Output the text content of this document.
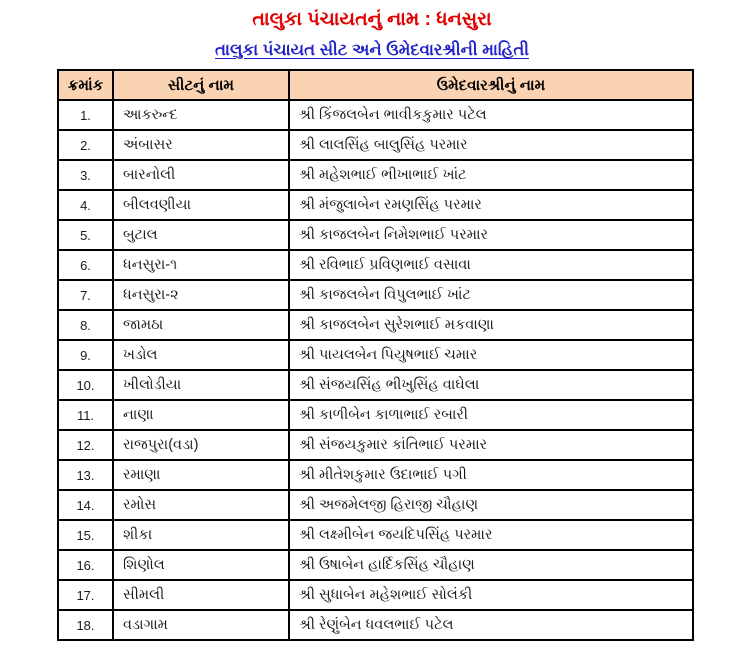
તાલુકા પંચાયતનું નામ : ધનસુરા
તાલુકા પંચાયત સીટ અને ઉમેદવારશ્રીની માહિતી
ક્રમાંક	સીટનું નામ	ઉમેદવારશ્રીનું નામ
1.	આકરુન્દ	શ્રી કિંજલબેન ભાવીકકુમાર પટેલ
2.	અંબાસર	શ્રી લાલસિંહ બાલુસિંહ પરમાર
3.	બારનોલી	શ્રી મહેશભાઈ ભીખાભાઈ ખાંટ
4.	બીલવણીયા	શ્રી મંજુલાબેન રમણસિંહ પરમાર
5.	બુટાલ	શ્રી કાજલબેન નિમેશભાઈ પરમાર
6.	ધનસુરા-૧	શ્રી રવિભાઈ પ્રવિણભાઈ વસાવા
7.	ધનસુરા-૨	શ્રી કાજલબેન વિપુલભાઈ ખાંટ
8.	જામઠા	શ્રી કાજલબેન સુરેશભાઈ મકવાણા
9.	ખડોલ	શ્રી પાયલબેન પિયુષભાઈ ચમાર
10.	ખીલોડીયા	શ્રી સંજયસિંહ ભીખુસિંહ વાઘેલા
11.	નાણા	શ્રી કાળીબેન કાળાભાઈ રબારી
12.	રાજપુરા(વડા)	શ્રી સંજયકુમાર કાંતિભાઈ પરમાર
13.	રમાણા	શ્રી મીતેશકુમાર ઉદાભાઈ પગી
14.	રમોસ	શ્રી અજમેલજી હિરાજી ચૌહાણ
15.	શીકા	શ્રી લક્ષ્મીબેન જયદિપસિંહ પરમાર
16.	શિણોલ	શ્રી ઉષાબેન હાર્દિકસિંહ ચૌહાણ
17.	સીમલી	શ્રી સુધાબેન મહેશભાઈ સોલંકી
18.	વડાગામ	શ્રી રેણુંબેન ધવલભાઈ પટેલ
